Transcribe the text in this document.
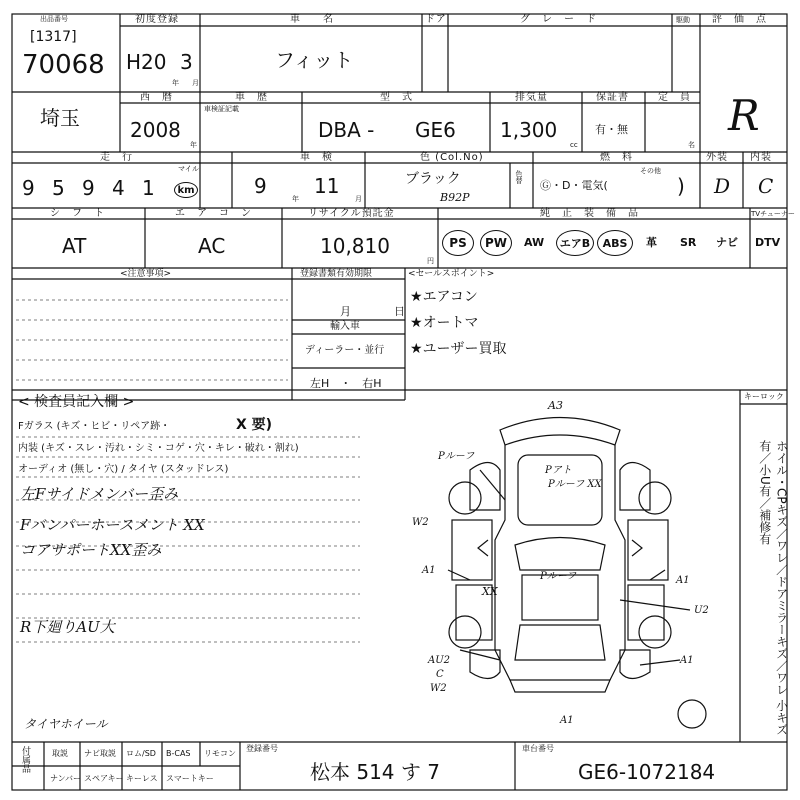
出品番号
[1317]
70068
初度登録
H20 3
年 月
車　　名
フィット
ドア	グ　レ　ー　ド	駆動 評　価　点
R
埼玉
西　暦
2008
年
車　歴
車検証記載
型　式
DBA - GE6
排気量
1,300
cc
保証書
有・無
定　員
名
走　行
9 5 9 4 1
マイル
km
車　検
9
年
11
月
色 (Col.No)
ブラック
B92P
色替
燃　料
Ⓖ・D・電気(
その他
)
外装
D
内装
C
シ　フ　ト
AT
エ　ア　コ　ン
AC
リサイクル預託金
10,810
円
純　正　装　備　品	TVチューナー
PS	PW	AW	エアB	ABS	革 SR ナビ DTV
<注意事項>	登録書類有効期限
月	日
輸入車
ディーラー・並行
左H　・　右H
<セールスポイント>
★ エアコン
★ オートマ
★ ユーザー買取
< 検査員記入欄 >
Fガラス (キズ・ヒビ・リペア跡・	X 要)
内装 (キズ・スレ・汚れ・シミ・コゲ・穴・キレ・破れ・割れ)
オーディオ (無し・穴) / タイヤ (スタッドレス)
左Fサイドメンバー歪み
Fバンパーホースメント XX
コアサポートXX歪み
R下廻りAU大
タイヤホイール
キーロック
ホイル・CPキズ／ワレ／ドアミラーキズ／ワレ 小キズ有／小U有／補修有
A3
Pルーフ
Pアト
Pルーフ XX
W2
A1
XX
Pルーフ	A1
U2
A1
AU2
C
W2
A1
付属品	取説 ナビ取説 ロム/SD B-CAS リモコン
ナンバー スペアキー キーレス スマートキー
登録番号
松本 514 す 7
車台番号
GE6-1072184
